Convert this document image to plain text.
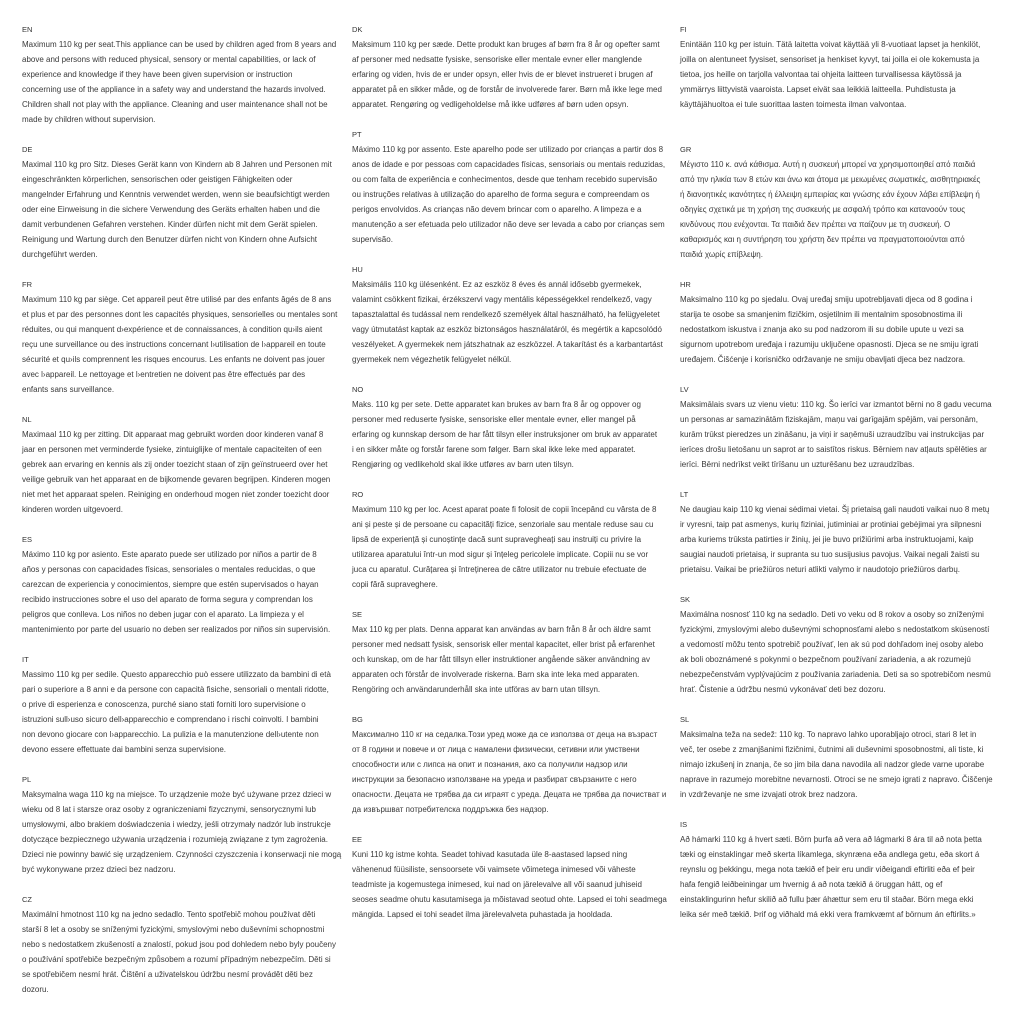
EN
Maximum 110 kg per seat.This appliance can be used by children aged from 8 years and
above and persons with reduced physical, sensory or mental capabilities, or lack of
experience and knowledge if they have been given supervision or instruction
concerning use of the appliance in a safety way and understand the hazards involved.
Children shall not play with the appliance. Cleaning and user maintenance shall not be
made by children without supervision.
DE
Maximal 110 kg pro Sitz. Dieses Gerät kann von Kindern ab 8 Jahren und Personen mit
eingeschränkten körperlichen, sensorischen oder geistigen Fähigkeiten oder
mangelnder Erfahrung und Kenntnis verwendet werden, wenn sie beaufsichtigt werden
oder eine Einweisung in die sichere Verwendung des Geräts erhalten haben und die
damit verbundenen Gefahren verstehen. Kinder dürfen nicht mit dem Gerät spielen.
Reinigung und Wartung durch den Benutzer dürfen nicht von Kindern ohne Aufsicht
durchgeführt werden.
FR
Maximum 110 kg par siège. Cet appareil peut être utilisé par des enfants âgés de 8 ans
et plus et par des personnes dont les capacités physiques, sensorielles ou mentales sont
réduites, ou qui manquent d›expérience et de connaissances, à condition qu›ils aient
reçu une surveillance ou des instructions concernant l›utilisation de l›appareil en toute
sécurité et qu›ils comprennent les risques encourus. Les enfants ne doivent pas jouer
avec l›appareil. Le nettoyage et l›entretien ne doivent pas être effectués par des
enfants sans surveillance.
NL
Maximaal 110 kg per zitting. Dit apparaat mag gebruikt worden door kinderen vanaf 8
jaar en personen met verminderde fysieke, zintuiglijke of mentale capaciteiten of een
gebrek aan ervaring en kennis als zij onder toezicht staan of zijn geïnstrueerd over het
veilige gebruik van het apparaat en de bijkomende gevaren begrijpen. Kinderen mogen
niet met het apparaat spelen. Reiniging en onderhoud mogen niet zonder toezicht door
kinderen worden uitgevoerd.
ES
Máximo 110 kg por asiento. Este aparato puede ser utilizado por niños a partir de 8
años y personas con capacidades físicas, sensoriales o mentales reducidas, o que
carezcan de experiencia y conocimientos, siempre que estén supervisados o hayan
recibido instrucciones sobre el uso del aparato de forma segura y comprendan los
peligros que conlleva. Los niños no deben jugar con el aparato. La limpieza y el
mantenimiento por parte del usuario no deben ser realizados por niños sin supervisión.
IT
Massimo 110 kg per sedile. Questo apparecchio può essere utilizzato da bambini di età
pari o superiore a 8 anni e da persone con capacità fisiche, sensoriali o mentali ridotte,
o prive di esperienza e conoscenza, purché siano stati forniti loro supervisione o
istruzioni sull›uso sicuro dell›apparecchio e comprendano i rischi coinvolti. I bambini
non devono giocare con l›apparecchio. La pulizia e la manutenzione dell›utente non
devono essere effettuate dai bambini senza supervisione.
PL
Maksymalna waga 110 kg na miejsce. To urządzenie może być używane przez dzieci w
wieku od 8 lat i starsze oraz osoby z ograniczeniami fizycznymi, sensorycznymi lub
umysłowymi, albo brakiem doświadczenia i wiedzy, jeśli otrzymały nadzór lub instrukcje
dotyczące bezpiecznego używania urządzenia i rozumieją związane z tym zagrożenia.
Dzieci nie powinny bawić się urządzeniem. Czynności czyszczenia i konserwacji nie mogą
być wykonywane przez dzieci bez nadzoru.
CZ
Maximální hmotnost 110 kg na jedno sedadlo. Tento spotřebič mohou používat děti
starší 8 let a osoby se sníženými fyzickými, smyslovými nebo duševními schopnostmi
nebo s nedostatkem zkušeností a znalostí, pokud jsou pod dohledem nebo byly poučeny
o používání spotřebiče bezpečným způsobem a rozumí případným nebezpečím. Děti si
se spotřebičem nesmí hrát. Čištění a uživatelskou údržbu nesmí provádět děti bez
dozoru.
DK
Maksimum 110 kg per sæde. Dette produkt kan bruges af børn fra 8 år og opefter samt
af personer med nedsatte fysiske, sensoriske eller mentale evner eller manglende
erfaring og viden, hvis de er under opsyn, eller hvis de er blevet instrueret i brugen af
apparatet på en sikker måde, og de forstår de involverede farer. Børn må ikke lege med
apparatet. Rengøring og vedligeholdelse må ikke udføres af børn uden opsyn.
PT
Máximo 110 kg por assento. Este aparelho pode ser utilizado por crianças a partir dos 8
anos de idade e por pessoas com capacidades físicas, sensoriais ou mentais reduzidas,
ou com falta de experiência e conhecimentos, desde que tenham recebido supervisão
ou instruções relativas à utilização do aparelho de forma segura e compreendam os
perigos envolvidos. As crianças não devem brincar com o aparelho. A limpeza e a
manutenção a ser efetuada pelo utilizador não deve ser levada a cabo por crianças sem
supervisão.
HU
Maksimális 110 kg ülésenként. Ez az eszköz 8 éves és annál idősebb gyermekek,
valamint csökkent fizikai, érzékszervi vagy mentális képességekkel rendelkező, vagy
tapasztalattal és tudással nem rendelkező személyek által használható, ha felügyeletet
vagy útmutatást kaptak az eszköz biztonságos használatáról, és megértik a kapcsolódó
veszélyeket. A gyermekek nem játszhatnak az eszközzel. A takarítást és a karbantartást
gyermekek nem végezhetik felügyelet nélkül.
NO
Maks. 110 kg per sete. Dette apparatet kan brukes av barn fra 8 år og oppover og
personer med reduserte fysiske, sensoriske eller mentale evner, eller mangel på
erfaring og kunnskap dersom de har fått tilsyn eller instruksjoner om bruk av apparatet
i en sikker måte og forstår farene som følger. Barn skal ikke leke med apparatet.
Rengjøring og vedlikehold skal ikke utføres av barn uten tilsyn.
RO
Maximum 110 kg per loc. Acest aparat poate fi folosit de copii începând cu vârsta de 8
ani și peste și de persoane cu capacități fizice, senzoriale sau mentale reduse sau cu
lipsă de experiență și cunoștințe dacă sunt supravegheați sau instruiți cu privire la
utilizarea aparatului într-un mod sigur și înțeleg pericolele implicate. Copiii nu se vor
juca cu aparatul. Curățarea și întreținerea de către utilizator nu trebuie efectuate de
copii fără supraveghere.
SE
Max 110 kg per plats. Denna apparat kan användas av barn från 8 år och äldre samt
personer med nedsatt fysisk, sensorisk eller mental kapacitet, eller brist på erfarenhet
och kunskap, om de har fått tillsyn eller instruktioner angående säker användning av
apparaten och förstår de involverade riskerna. Barn ska inte leka med apparaten.
Rengöring och användarunderhåll ska inte utföras av barn utan tillsyn.
BG
Максимално 110 кг на седалка.Този уред може да се използва от деца на възраст
от 8 години и повече и от лица с намалени физически, сетивни или умствени
способности или с липса на опит и познания, ако са получили надзор или
инструкции за безопасно използване на уреда и разбират свързаните с него
опасности. Децата не трябва да си играят с уреда. Децата не трябва да почистват и
да извършват потребителска поддръжка без надзор.
EE
Kuni 110 kg istme kohta. Seadet tohivad kasutada üle 8-aastased lapsed ning
vähenenud füüsiliste, sensoorsete või vaimsete võimetega inimesed või väheste
teadmiste ja kogemustega inimesed, kui nad on järelevalve all või saanud juhiseid
seoses seadme ohutu kasutamisega ja mõistavad seotud ohte. Lapsed ei tohi seadmega
mängida. Lapsed ei tohi seadet ilma järelevalveta puhastada ja hooldada.
FI
Enintään 110 kg per istuin. Tätä laitetta voivat käyttää yli 8-vuotiaat lapset ja henkilöt,
joilla on alentuneet fyysiset, sensoriset ja henkiset kyvyt, tai joilla ei ole kokemusta ja
tietoa, jos heille on tarjolla valvontaa tai ohjeita laitteen turvallisessa käytössä ja
ymmärrys liittyvistä vaaroista. Lapset eivät saa leikkiä laitteella. Puhdistusta ja
käyttäjähuoltoa ei tule suorittaa lasten toimesta ilman valvontaa.
GR
Μέγιστο 110 κ. ανά κάθισμα. Αυτή η συσκευή μπορεί να χρησιμοποιηθεί από παιδιά
από την ηλικία των 8 ετών και άνω και άτομα με μειωμένες σωματικές, αισθητηριακές
ή διανοητικές ικανότητες ή έλλειψη εμπειρίας και γνώσης εάν έχουν λάβει επίβλεψη ή
οδηγίες σχετικά με τη χρήση της συσκευής με ασφαλή τρόπο και κατανοούν τους
κινδύνους που ενέχονται. Τα παιδιά δεν πρέπει να παίζουν με τη συσκευή. Ο
καθαρισμός και η συντήρηση του χρήστη δεν πρέπει να πραγματοποιούνται από
παιδιά χωρίς επίβλεψη.
HR
Maksimalno 110 kg po sjedalu. Ovaj uređaj smiju upotrebljavati djeca od 8 godina i
starija te osobe sa smanjenim fizičkim, osjetilnim ili mentalnim sposobnostima ili
nedostatkom iskustva i znanja ako su pod nadzorom ili su dobile upute u vezi sa
sigurnom upotrebom uređaja i razumiju uključene opasnosti. Djeca se ne smiju igrati
uređajem. Čišćenje i korisničko održavanje ne smiju obavljati djeca bez nadzora.
LV
Maksimālais svars uz vienu vietu: 110 kg. Šo ierīci var izmantot bērni no 8 gadu vecuma
un personas ar samazinātām fiziskajām, maņu vai garīgajām spējām, vai personām,
kurām trūkst pieredzes un zināšanu, ja viņi ir saņēmuši uzraudzību vai instrukcijas par
ierīces drošu lietošanu un saprot ar to saistītos riskus. Bērniem nav atļauts spēlēties ar
ierīci. Bērni nedrīkst veikt tīrīšanu un uzturēšanu bez uzraudzības.
LT
Ne daugiau kaip 110 kg vienai sėdimai vietai. Šį prietaisą gali naudoti vaikai nuo 8 metų
ir vyresni, taip pat asmenys, kurių fiziniai, jutiminiai ar protiniai gebėjimai yra silpnesni
arba kuriems trūksta patirties ir žinių, jei jie buvo prižiūrimi arba instruktuojami, kaip
saugiai naudoti prietaisą, ir supranta su tuo susijusius pavojus. Vaikai negali žaisti su
prietaisu. Vaikai be priežiūros neturi atlikti valymo ir naudotojo priežiūros darbų.
SK
Maximálna nosnosť 110 kg na sedadlo. Deti vo veku od 8 rokov a osoby so zníženými
fyzickými, zmyslovými alebo duševnými schopnosťami alebo s nedostatkom skúseností
a vedomostí môžu tento spotrebič používať, len ak sú pod dohľadom inej osoby alebo
ak boli oboznámené s pokynmi o bezpečnom používaní zariadenia, a ak rozumejú
nebezpečenstvám vyplývajúcim z používania zariadenia. Deti sa so spotrebičom nesmú
hrať. Čistenie a údržbu nesmú vykonávať deti bez dozoru.
SL
Maksimalna teža na sedež: 110 kg. To napravo lahko uporabljajo otroci, stari 8 let in
več, ter osebe z zmanjšanimi fizičnimi, čutnimi ali duševnimi sposobnostmi, ali tiste, ki
nimajo izkušenj in znanja, če so jim bila dana navodila ali nadzor glede varne uporabe
naprave in razumejo morebitne nevarnosti. Otroci se ne smejo igrati z napravo. Čiščenje
in vzdrževanje ne sme izvajati otrok brez nadzora.
IS
Að hámarki 110 kg á hvert sæti. Börn þurfa að vera að lágmarki 8 ára til að nota þetta
tæki og einstaklingar með skerta líkamlega, skynræna eða andlega getu, eða skort á
reynslu og þekkingu, mega nota tækið ef þeir eru undir viðeigandi eftirliti eða ef þeir
hafa fengið leiðbeiningar um hvernig á að nota tækið á öruggan hátt, og ef
einstaklingurinn hefur skilið að fullu þær áhættur sem eru til staðar. Börn mega ekki
leika sér með tækið. Þrif og viðhald má ekki vera framkvæmt af börnum án eftirlits.»
